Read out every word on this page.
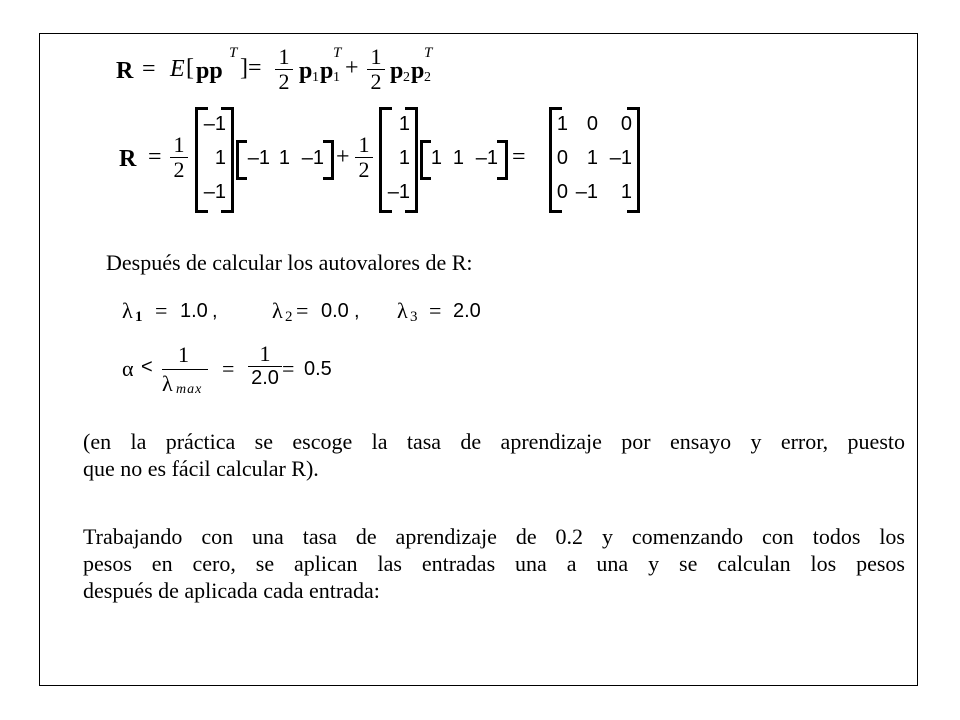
R = E [ pp
T
]= 1
2 p 1 p
T
1 + 1
2 p 2 p
T
2
R = 1
2
–1
1
–1
–1 1 –1 + 1
2
1
1
–1
1 1 –1 =
1 0	0
0 1 –1
0 –1	1
Después de calcular los autovalores de R:
λ 1 = 1.0 , λ 2 = 0.0 , λ 3 = 2.0
α < 1
λ max
=
1
2.0 = 0.5
(en la práctica se escoge la tasa de aprendizaje por ensayo y error, puesto
que no es fácil calcular R).
Trabajando con una tasa de aprendizaje de 0.2 y comenzando con todos los
pesos en cero, se aplican las entradas una a una y se calculan los pesos
después de aplicada cada entrada:
